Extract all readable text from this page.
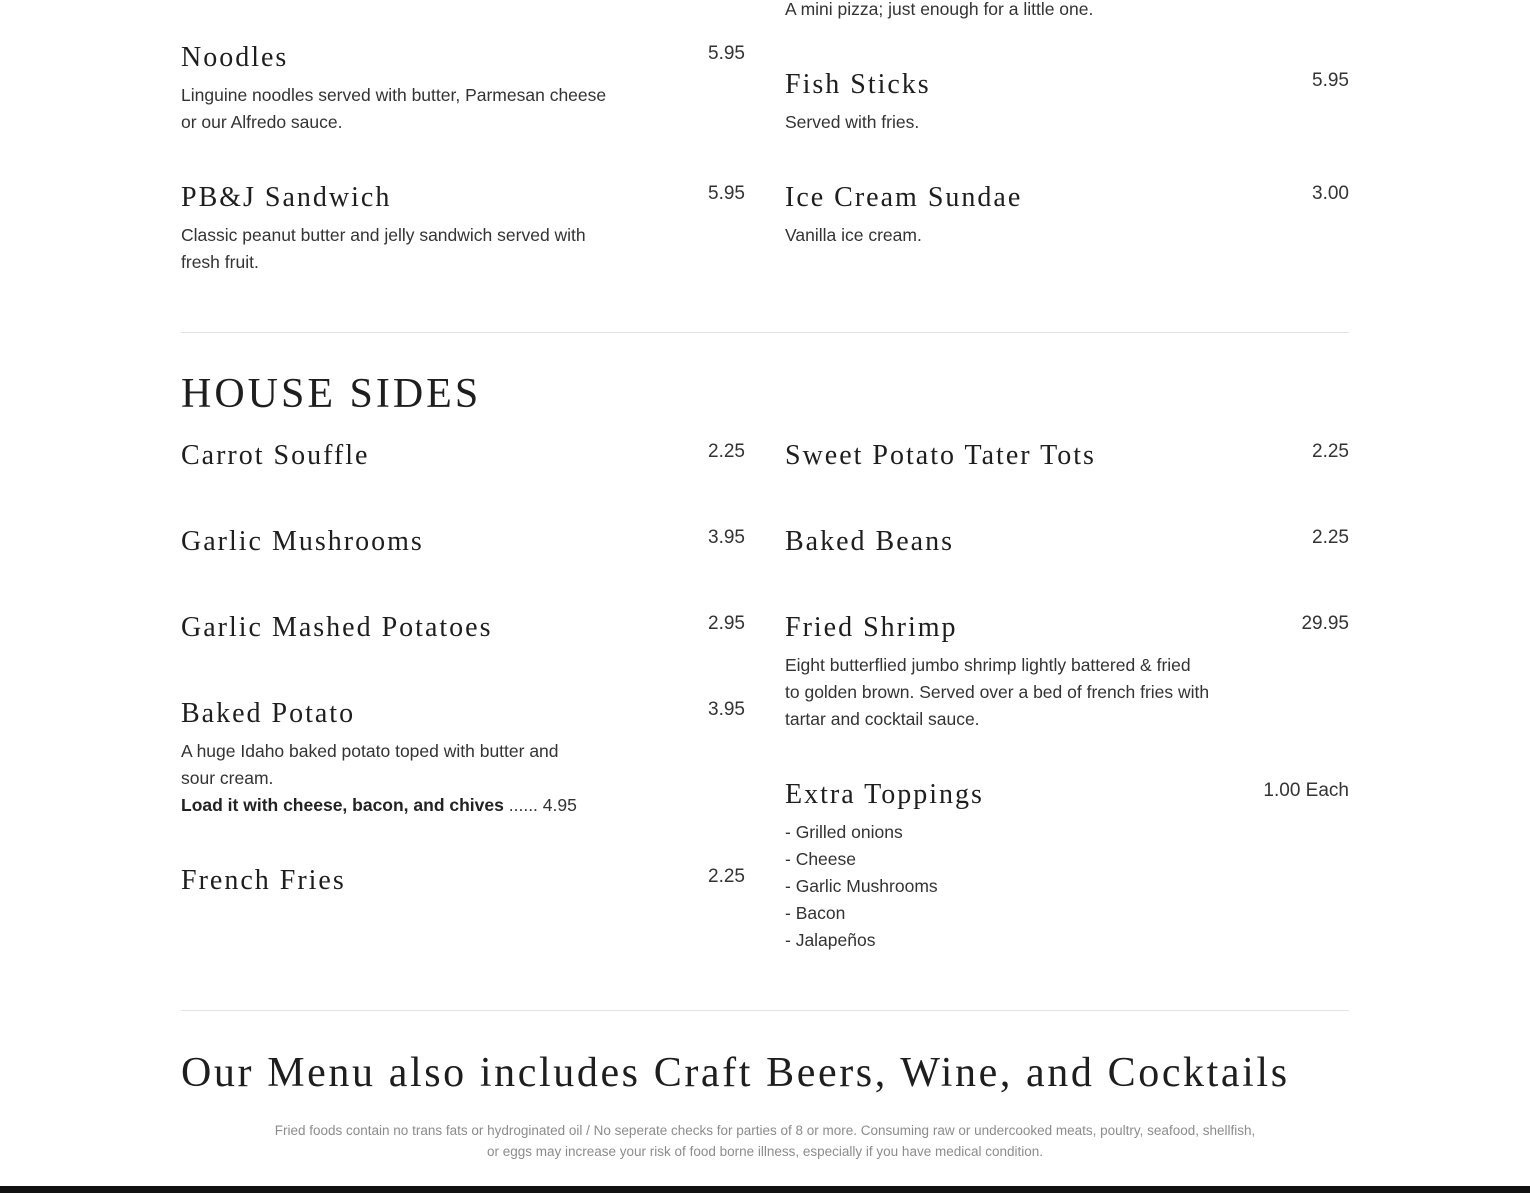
A mini pizza; just enough for a little one.
Noodles	5.95
Linguine noodles served with butter, Parmesan cheese
or our Alfredo sauce.
Fish Sticks	5.95
Served with fries.
PB&J Sandwich	5.95
Classic peanut butter and jelly sandwich served with
fresh fruit.
Ice Cream Sundae	3.00
Vanilla ice cream.
HOUSE SIDES
Carrot Souffle	2.25 Sweet Potato Tater Tots	2.25
Garlic Mushrooms	3.95 Baked Beans	2.25
Garlic Mashed Potatoes	2.95 Fried Shrimp	29.95
Eight butterflied jumbo shrimp lightly battered & fried
to golden brown. Served over a bed of french fries with
tartar and cocktail sauce.
Baked Potato	3.95
A huge Idaho baked potato toped with butter and
sour cream.
Load it with cheese, bacon, and chives ...... 4.95	Extra Toppings	1.00 Each
- Grilled onions
- Cheese
- Garlic Mushrooms
- Bacon
- Jalapeños
French Fries	2.25
Our Menu also includes Craft Beers, Wine, and Cocktails
Fried foods contain no trans fats or hydroginated oil / No seperate checks for parties of 8 or more. Consuming raw or undercooked meats, poultry, seafood, shellfish,
or eggs may increase your risk of food borne illness, especially if you have medical condition.
